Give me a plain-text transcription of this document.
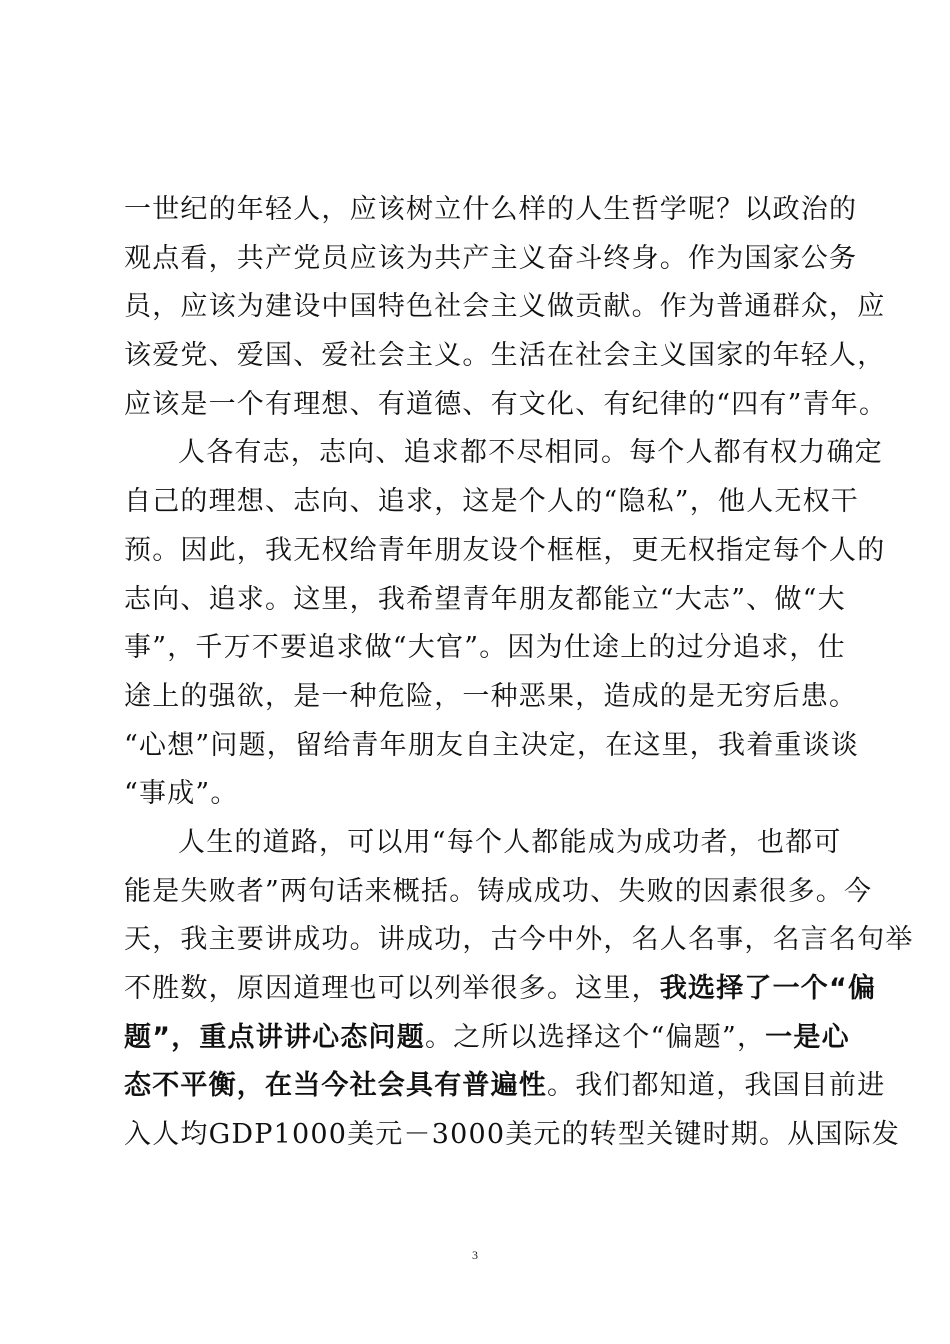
一世纪的年轻人，应该树立什么样的人生哲学呢？以政治的
观点看，共产党员应该为共产主义奋斗终身。作为国家公务
员，应该为建设中国特色社会主义做贡献。作为普通群众，应
该爱党、爱国、爱社会主义。生活在社会主义国家的年轻人，
应该是一个有理想、有道德、有文化、有纪律的“四有”青年。
人各有志，志向、追求都不尽相同。每个人都有权力确定
自己的理想、志向、追求，这是个人的“隐私”，他人无权干
预。因此，我无权给青年朋友设个框框，更无权指定每个人的
志向、追求。这里，我希望青年朋友都能立“大志”、做“大
事”，千万不要追求做“大官”。因为仕途上的过分追求，仕
途上的强欲，是一种危险，一种恶果，造成的是无穷后患。
“心想”问题，留给青年朋友自主决定，在这里，我着重谈谈
“事成”。
人生的道路，可以用“每个人都能成为成功者，也都可
能是失败者”两句话来概括。铸成成功、失败的因素很多。今
天，我主要讲成功。讲成功，古今中外，名人名事，名言名句举
不胜数，原因道理也可以列举很多。这里，我选择了一个“偏
题”，重点讲讲心态问题。之所以选择这个“偏题”，一是心
态不平衡，在当今社会具有普遍性。我们都知道，我国目前进
入人均GDP1000美元－3000美元的转型关键时期。从国际发
3
